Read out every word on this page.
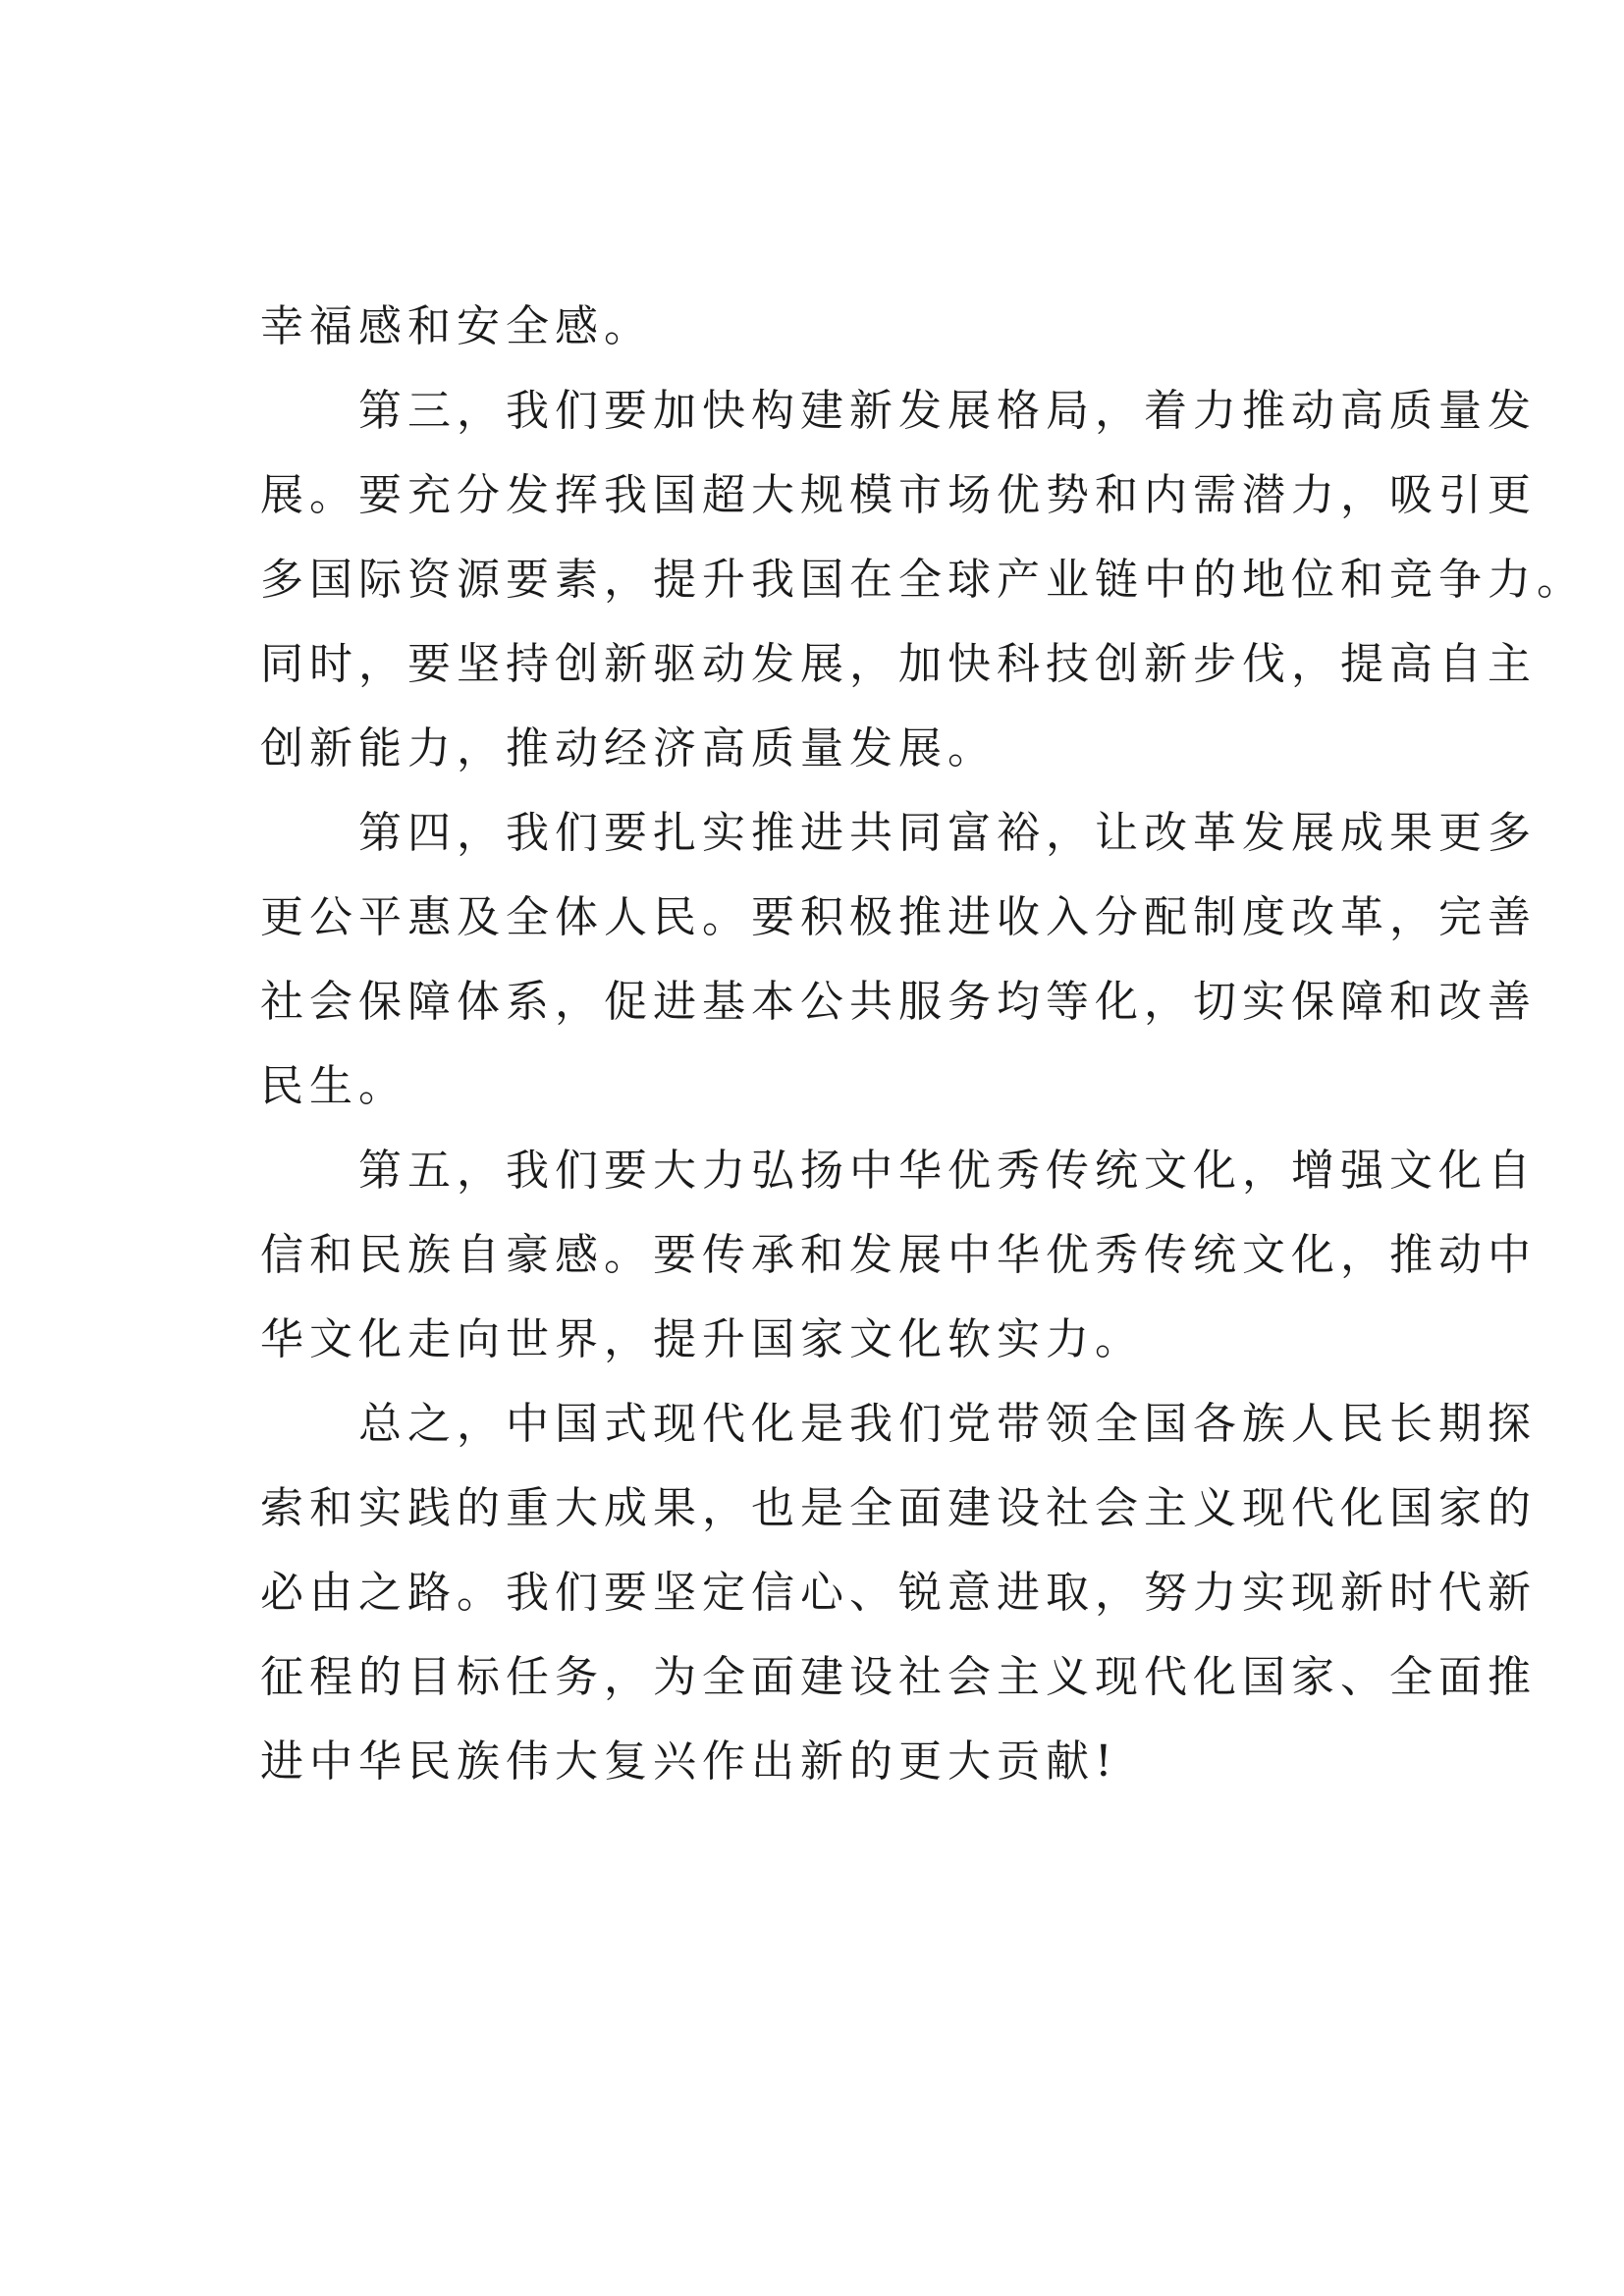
幸福感和安全感。
　　第三，我们要加快构建新发展格局，着力推动高质量发
展。要充分发挥我国超大规模市场优势和内需潜力，吸引更
多国际资源要素，提升我国在全球产业链中的地位和竞争力。
同时，要坚持创新驱动发展，加快科技创新步伐，提高自主
创新能力，推动经济高质量发展。
　　第四，我们要扎实推进共同富裕，让改革发展成果更多
更公平惠及全体人民。要积极推进收入分配制度改革，完善
社会保障体系，促进基本公共服务均等化，切实保障和改善
民生。
　　第五，我们要大力弘扬中华优秀传统文化，增强文化自
信和民族自豪感。要传承和发展中华优秀传统文化，推动中
华文化走向世界，提升国家文化软实力。
　　总之，中国式现代化是我们党带领全国各族人民长期探
索和实践的重大成果，也是全面建设社会主义现代化国家的
必由之路。我们要坚定信心、锐意进取，努力实现新时代新
征程的目标任务，为全面建设社会主义现代化国家、全面推
进中华民族伟大复兴作出新的更大贡献!
